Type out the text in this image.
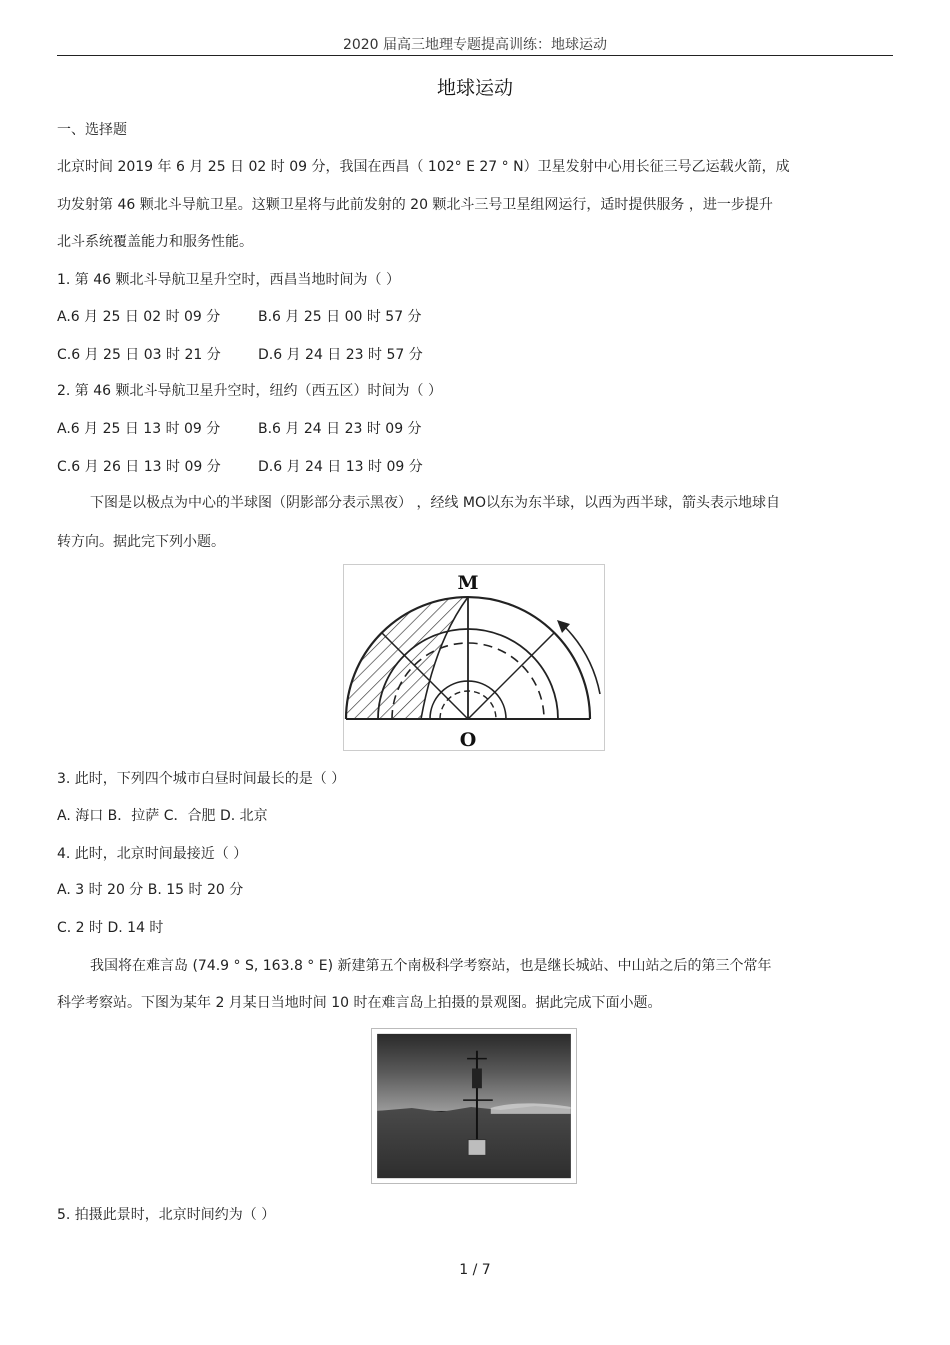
2020 届高三地理专题提高训练：地球运动
地球运动
一、选择题
北京时间 2019 年 6 月 25 日 02 时 09 分，我国在西昌（ 102° E 27 ° N）卫星发射中心用长征三号乙运载火箭，成
功发射第 46 颗北斗导航卫星。这颗卫星将与此前发射的 20 颗北斗三号卫星组网运行，适时提供服务 ，进一步提升
北斗系统覆盖能力和服务性能。
1. 第 46 颗北斗导航卫星升空时，西昌当地时间为（ ）
A.6 月 25 日 02 时 09 分	B.6 月 25 日 00 时 57 分
C.6 月 25 日 03 时 21 分	D.6 月 24 日 23 时 57 分
2. 第 46 颗北斗导航卫星升空时，纽约（西五区）时间为（ ）
A.6 月 25 日 13 时 09 分	B.6 月 24 日 23 时 09 分
C.6 月 26 日 13 时 09 分	D.6 月 24 日 13 时 09 分
下图是以极点为中心的半球图（阴影部分表示黑夜） ，经线 MO以东为东半球，以西为西半球，箭头表示地球自
转方向。据此完下列小题。
M
O
3. 此时，下列四个城市白昼时间最长的是（ ）
A. 海口 B．拉萨 C．合肥 D. 北京
4. 此时，北京时间最接近（ ）
A. 3 时 20 分 B. 15 时 20 分
C. 2 时 D. 14 时
我国将在难言岛 (74.9 ° S, 163.8 ° E) 新建第五个南极科学考察站，也是继长城站、中山站之后的第三个常年
科学考察站。下图为某年 2 月某日当地时间 10 时在难言岛上拍摄的景观图。据此完成下面小题。
5. 拍摄此景时，北京时间约为（ ）
1 / 7
